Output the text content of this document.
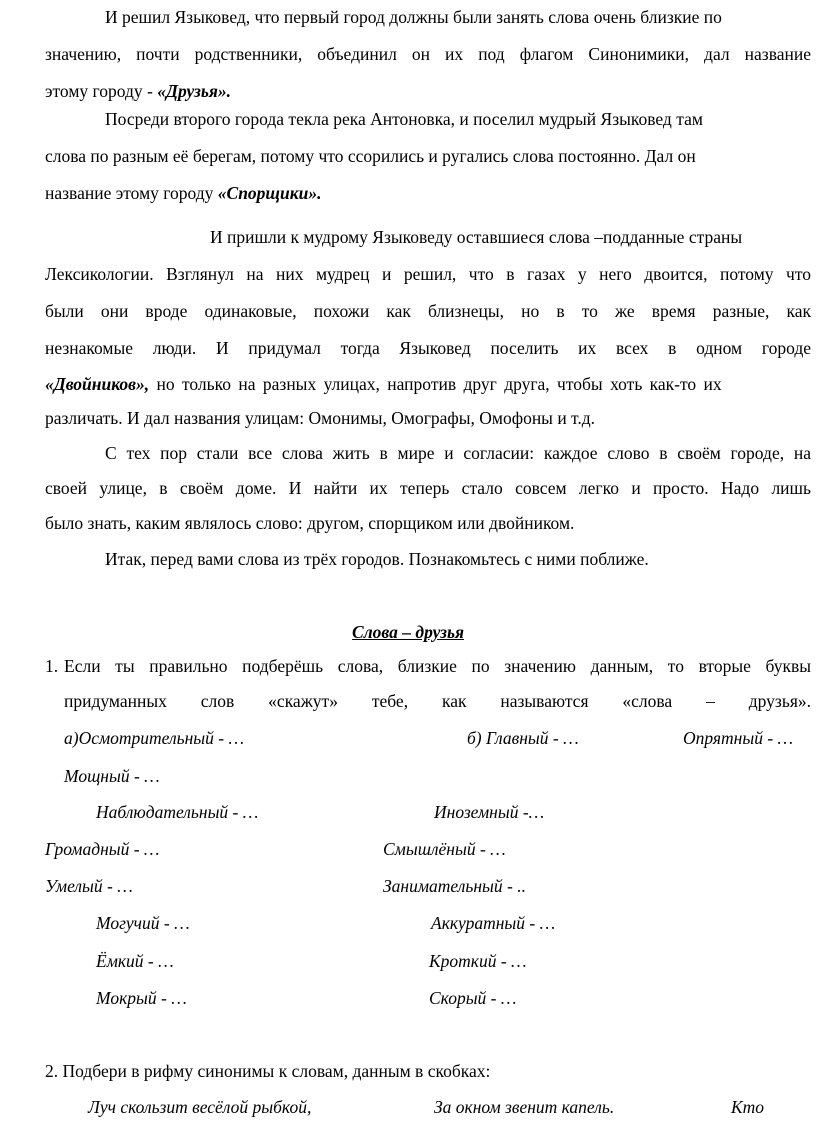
И решил Языковед, что первый город должны были занять слова очень близкие по
значению, почти родственники, объединил он их под флагом Синонимики, дал название
этому городу - «Друзья».
Посреди второго города текла река Антоновка, и поселил мудрый Языковед там
слова по разным её берегам, потому что ссорились и ругались слова постоянно. Дал он
название этому городу «Спорщики».
И пришли к мудрому Языковеду оставшиеся слова –подданные страны
Лексикологии. Взглянул на них мудрец и решил, что в газах у него двоится, потому что
были они вроде одинаковые, похожи как близнецы, но в то же время разные, как
незнакомые люди. И придумал тогда Языковед поселить их всех в одном городе
«Двойников», но только на разных улицах, напротив друг друга, чтобы хоть как-то их
различать. И дал названия улицам: Омонимы, Омографы, Омофоны и т.д.
С тех пор стали все слова жить в мире и согласии: каждое слово в своём городе, на
своей улице, в своём доме. И найти их теперь стало совсем легко и просто. Надо лишь
было знать, каким являлось слово: другом, спорщиком или двойником.
Итак, перед вами слова из трёх городов. Познакомьтесь с ними поближе.
Слова – друзья
1. Если ты правильно подберёшь слова, близкие по значению данным, то вторые буквы
придуманных слов «скажут» тебе, как называются «слова – друзья».
а)Осмотрительный - …	б) Главный - …	Опрятный - …
Мощный - …
Наблюдательный - …	Иноземный -…
Громадный - …	Смышлёный - …
Умелый - …	Занимательный - ..
Могучий - …	Аккуратный - …
Ёмкий - …	Кроткий - …
Мокрый - …	Скорый - …
2. Подбери в рифму синонимы к словам, данным в скобках:
Луч скользит весёлой рыбкой,	За окном звенит капель.	Кто
